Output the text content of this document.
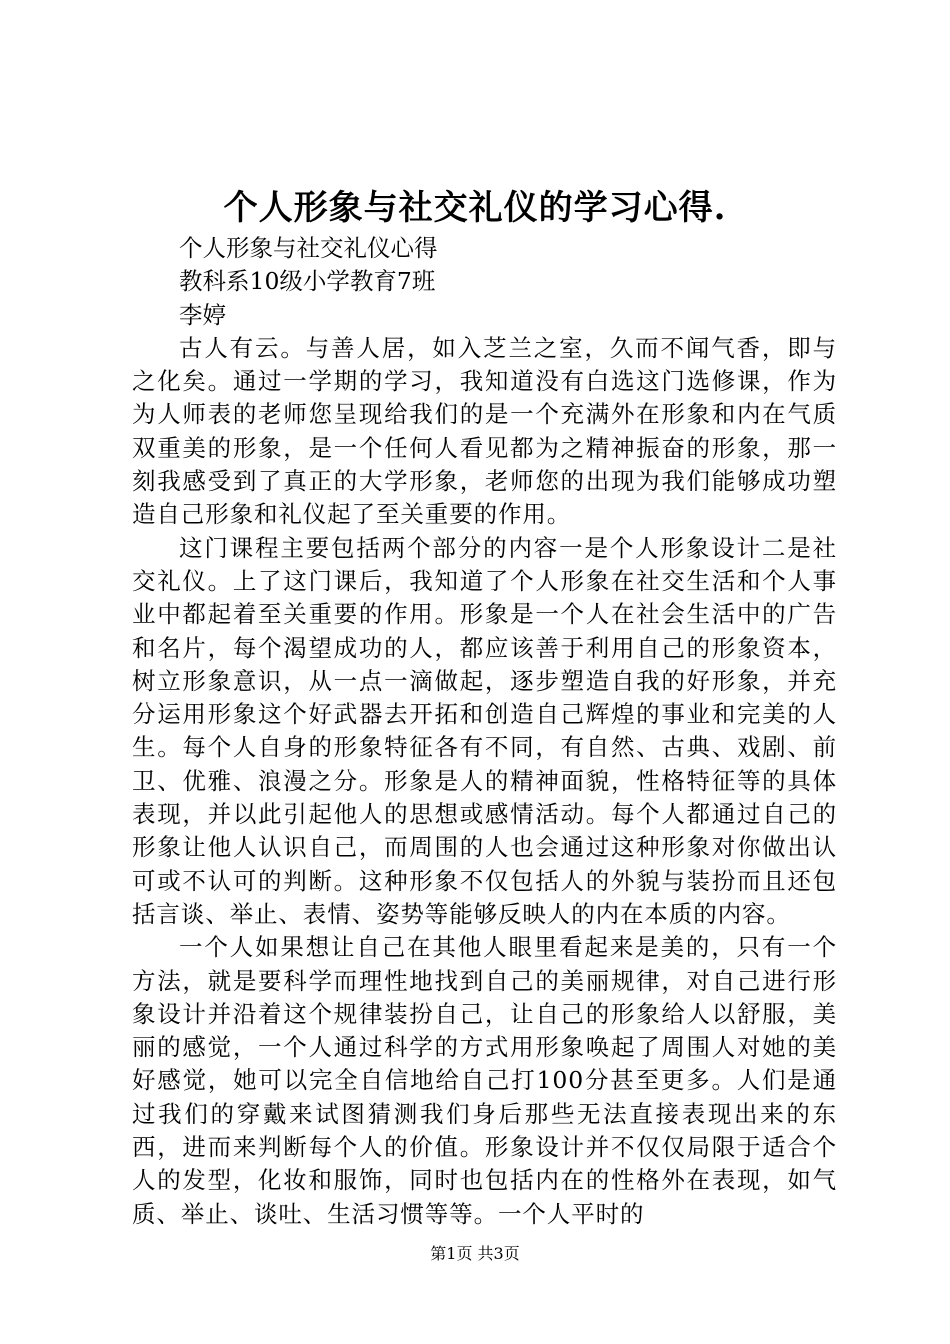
个人形象与社交礼仪的学习心得.

个人形象与社交礼仪心得

教科系10级小学教育7班

李婷

古人有云。与善人居，如入芝兰之室，久而不闻气香，即与之化矣。通过一学期的学习，我知道没有白选这门选修课，作为为人师表的老师您呈现给我们的是一个充满外在形象和内在气质双重美的形象，是一个任何人看见都为之精神振奋的形象，那一刻我感受到了真正的大学形象，老师您的出现为我们能够成功塑造自己形象和礼仪起了至关重要的作用。

这门课程主要包括两个部分的内容一是个人形象设计二是社交礼仪。上了这门课后，我知道了个人形象在社交生活和个人事业中都起着至关重要的作用。形象是一个人在社会生活中的广告和名片，每个渴望成功的人，都应该善于利用自己的形象资本，树立形象意识，从一点一滴做起，逐步塑造自我的好形象，并充分运用形象这个好武器去开拓和创造自己辉煌的事业和完美的人生。每个人自身的形象特征各有不同，有自然、古典、戏剧、前卫、优雅、浪漫之分。形象是人的精神面貌，性格特征等的具体表现，并以此引起他人的思想或感情活动。每个人都通过自己的形象让他人认识自己，而周围的人也会通过这种形象对你做出认可或不认可的判断。这种形象不仅包括人的外貌与装扮而且还包括言谈、举止、表情、姿势等能够反映人的内在本质的内容。

一个人如果想让自己在其他人眼里看起来是美的，只有一个方法，就是要科学而理性地找到自己的美丽规律，对自己进行形象设计并沿着这个规律装扮自己，让自己的形象给人以舒服，美丽的感觉，一个人通过科学的方式用形象唤起了周围人对她的美好感觉，她可以完全自信地给自己打100分甚至更多。人们是通过我们的穿戴来试图猜测我们身后那些无法直接表现出来的东西，进而来判断每个人的价值。形象设计并不仅仅局限于适合个人的发型，化妆和服饰，同时也包括内在的性格外在表现，如气质、举止、谈吐、生活习惯等等。一个人平时的

第1页 共3页
